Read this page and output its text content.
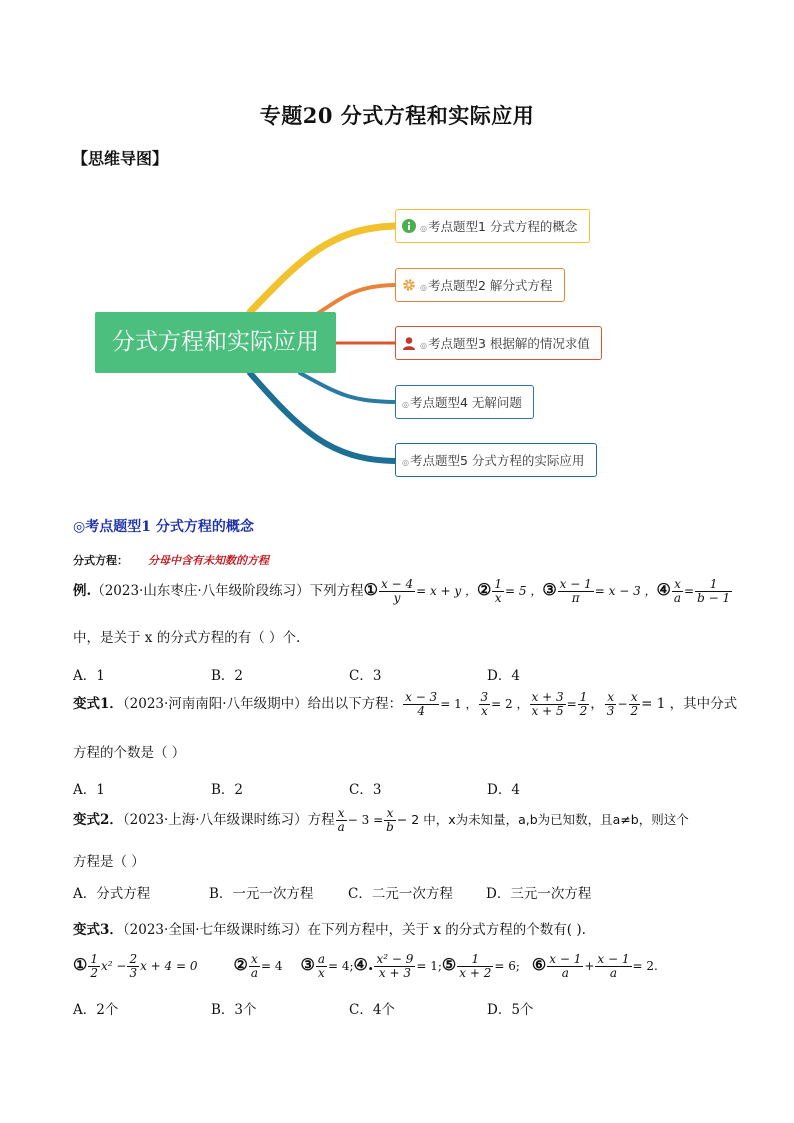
专题20 分式方程和实际应用
【思维导图】
分式方程和实际应用
◎考点题型1 分式方程的概念
◎考点题型2 解分式方程
◎考点题型3 根据解的情况求值
◎考点题型4 无解问题
◎考点题型5 分式方程的实际应用
◎考点题型1 分式方程的概念
分式方程： 分母中含有未知数的方程
例.（2023·山东枣庄·八年级阶段练习）下列方程① $\frac{x - 4}{y} = x + y$ ，② $\frac{1}{x} = 5$ ，③ $\frac{x - 1}{\pi} = x - 3$ ，④ $\frac{x}{a} = \frac{1}{b - 1}$
中，是关于 x 的分式方程的有（ ）个.
A．1	B．2	C．3	D．4
变式1．（2023·河南南阳·八年级期中）给出以下方程： $\frac{x - 3}{4} = 1$ ， $\frac{3}{x} = 2$ ， $\frac{x + 3}{x + 5} = \frac{1}{2}$ ， $\frac{x}{3} - \frac{x}{2} = 1$ ，其中分式
方程的个数是（ ）
A．1	B．2	C．3	D．4
变式2．（2023·上海·八年级课时练习）方程 $\frac{x}{a} - 3 = \frac{x}{b} - 2$ 中，x为未知量，a,b为已知数，且a≠b，则这个
方程是（ ）
A．分式方程	B．一元一次方程	C．二元一次方程 D．三元一次方程
变式3．（2023·全国·七年级课时练习）在下列方程中，关于 x 的分式方程的个数有( ).
① $\frac{1}{2} x^2 - \frac{2}{3}$ x + 4 = 0 ② $\frac{x}{a} = 4$ ③ $\frac{a}{x}$ = 4;④. $\frac{\text{x² − 9}}{x + 3}$ = 1;⑤ $\frac{1}{x + 2} = 6$; ⑥ $\frac{x - 1}{a} + \frac{x - 1}{a} = 2$.
A．2个	B．3个	C．4个	D．5个
